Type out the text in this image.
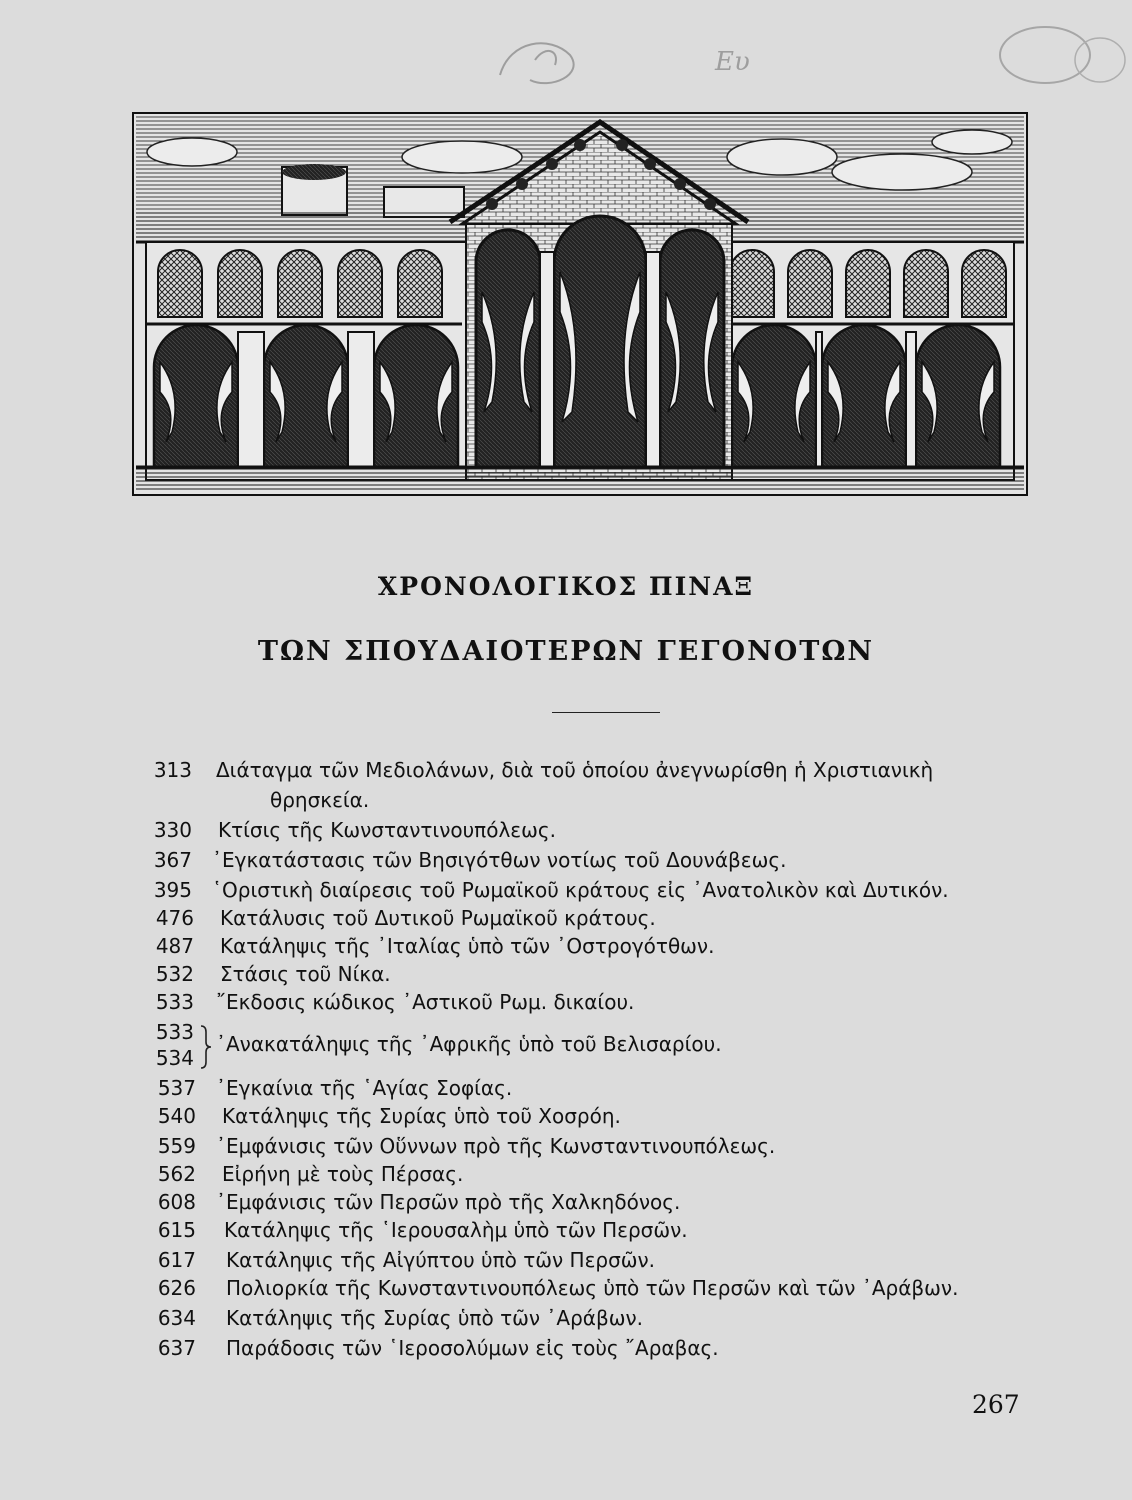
Ευ
ΧΡΟΝΟΛΟΓΙΚΟΣ ΠΙΝΑΞ
ΤΩΝ ΣΠΟΥΔΑΙΟΤΕΡΩΝ ΓΕΓΟΝΟΤΩΝ
313 Διάταγμα τῶν Μεδιολάνων, διὰ τοῦ ὁποίου ἀνεγνωρίσθη ἡ Χριστιανικὴ
θρησκεία.
330 Κτίσις τῆς Κωνσταντινουπόλεως.
367 ᾿Εγκατάστασις τῶν Βησιγότθων νοτίως τοῦ Δουνάβεως.
395 ῾Οριστικὴ διαίρεσις τοῦ Ρωμαϊκοῦ κράτους εἰς ᾿Ανατολικὸν καὶ Δυτικόν.
476 Κατάλυσις τοῦ Δυτικοῦ Ρωμαϊκοῦ κράτους.
487 Κατάληψις τῆς ᾿Ιταλίας ὑπὸ τῶν ᾿Οστρογότθων.
532 Στάσις τοῦ Νίκα.
533 ῎Εκδοσις κώδικος ᾿Αστικοῦ Ρωμ. δικαίου.
533
534
᾿Ανακατάληψις τῆς ᾿Αφρικῆς ὑπὸ τοῦ Βελισαρίου.
537 ᾿Εγκαίνια τῆς ῾Αγίας Σοφίας.
540 Κατάληψις τῆς Συρίας ὑπὸ τοῦ Χοσρόη.
559 ᾿Εμφάνισις τῶν Οὕννων πρὸ τῆς Κωνσταντινουπόλεως.
562 Εἰρήνη μὲ τοὺς Πέρσας.
608 ᾿Εμφάνισις τῶν Περσῶν πρὸ τῆς Χαλκηδόνος.
615 Κατάληψις τῆς ῾Ιερουσαλὴμ ὑπὸ τῶν Περσῶν.
617 Κατάληψις τῆς Αἰγύπτου ὑπὸ τῶν Περσῶν.
626 Πολιορκία τῆς Κωνσταντινουπόλεως ὑπὸ τῶν Περσῶν καὶ τῶν ᾿Αράβων.
634 Κατάληψις τῆς Συρίας ὑπὸ τῶν ᾿Αράβων.
637 Παράδοσις τῶν ῾Ιεροσολύμων εἰς τοὺς ῎Αραβας.
267
